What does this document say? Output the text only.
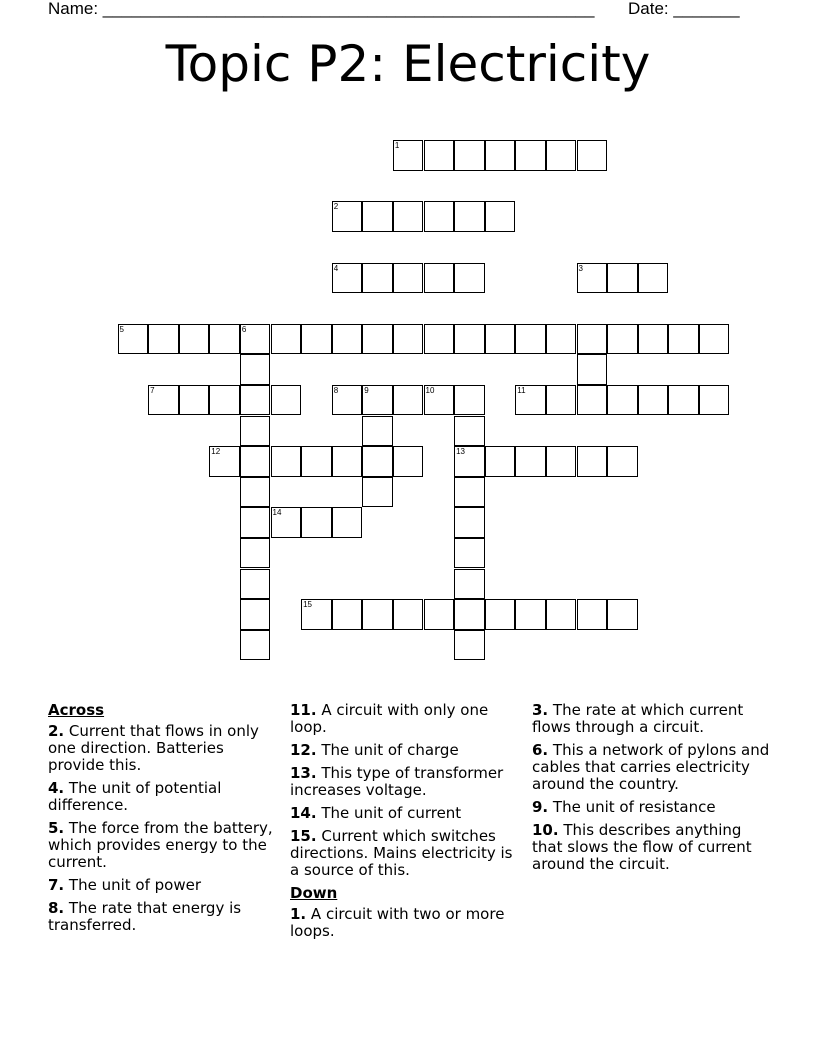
Name: ____________________________________________________ Date: _______
Topic P2: Electricity
1
2
3
4
5	6
7	8	9	10	11
12	13
14
15
Across
2. Current that flows in only one direction. Batteries provide this.
4. The unit of potential difference.
5. The force from the battery, which provides energy to the current.
7. The unit of power
8. The rate that energy is transferred.
11. A circuit with only one loop.
12. The unit of charge
13. This type of transformer increases voltage.
14. The unit of current
15. Current which switches directions. Mains electricity is a source of this.
Down
1. A circuit with two or more loops.
3. The rate at which current flows through a circuit.
6. This a network of pylons and cables that carries electricity around the country.
9. The unit of resistance
10. This describes anything that slows the flow of current around the circuit.
